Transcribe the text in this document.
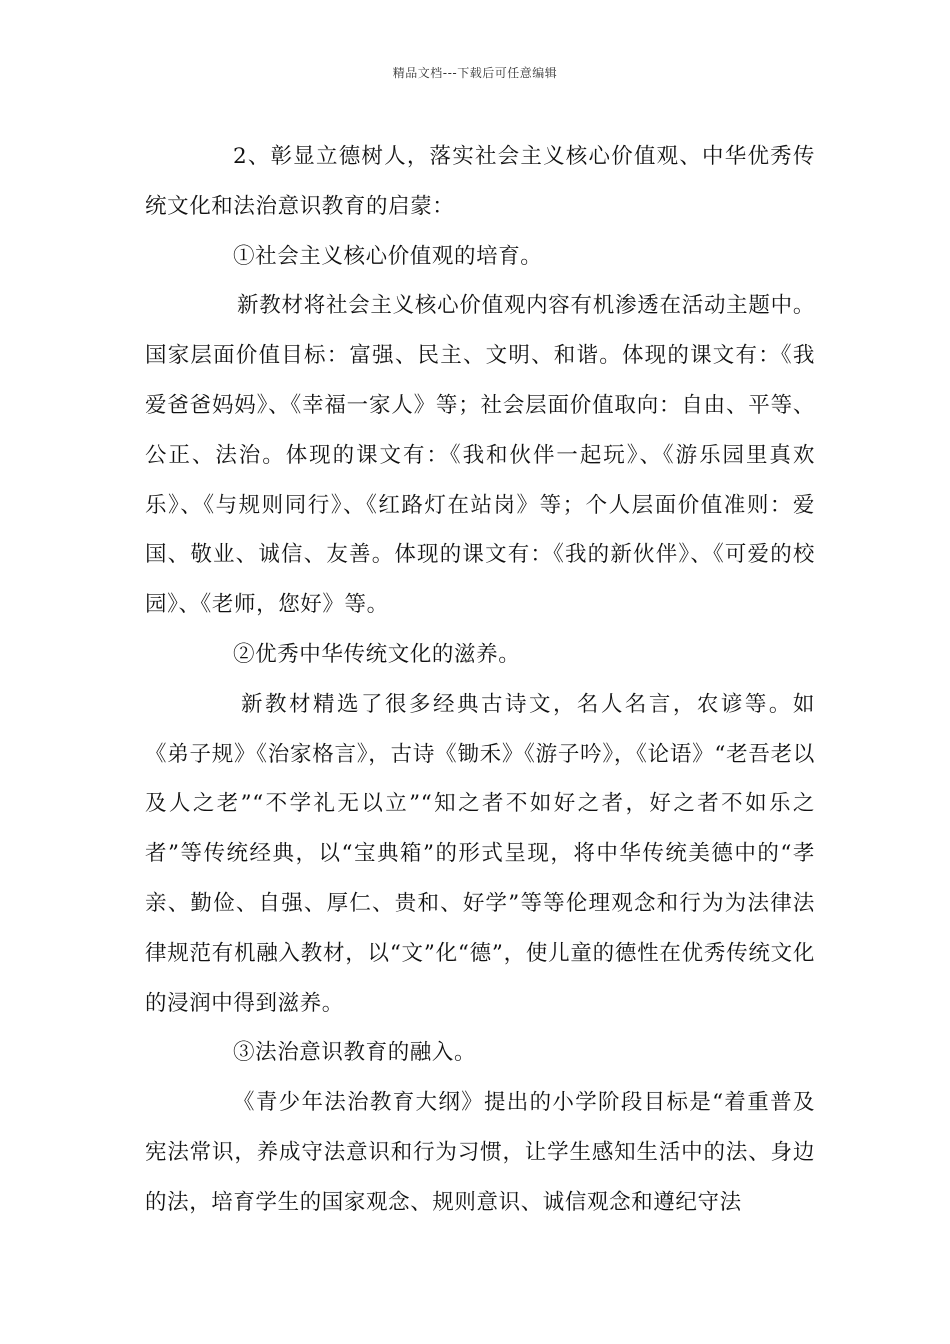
精品文档---下载后可任意编辑

2、彰显立德树人，落实社会主义核心价值观、中华优秀传统文化和法治意识教育的启蒙：

①社会主义核心价值观的培育。

新教材将社会主义核心价值观内容有机渗透在活动主题中。国家层面价值目标：富强、民主、文明、和谐。体现的课文有：《我爱爸爸妈妈》、《幸福一家人》等；社会层面价值取向：自由、平等、公正、法治。体现的课文有：《我和伙伴一起玩》、《游乐园里真欢乐》、《与规则同行》、《红路灯在站岗》等；个人层面价值准则：爱国、敬业、诚信、友善。体现的课文有：《我的新伙伴》、《可爱的校园》、《老师，您好》等。

②优秀中华传统文化的滋养。

新教材精选了很多经典古诗文，名人名言，农谚等。如《弟子规》《治家格言》，古诗《锄禾》《游子吟》，《论语》“老吾老以及人之老”“不学礼无以立”“知之者不如好之者，好之者不如乐之者”等传统经典，以“宝典箱”的形式呈现，将中华传统美德中的“孝亲、勤俭、自强、厚仁、贵和、好学”等等伦理观念和行为为法律法律规范有机融入教材，以“文”化“德”，使儿童的德性在优秀传统文化的浸润中得到滋养。

③法治意识教育的融入。

《青少年法治教育大纲》提出的小学阶段目标是“着重普及宪法常识，养成守法意识和行为习惯，让学生感知生活中的法、身边的法，培育学生的国家观念、规则意识、诚信观念和遵纪守法
